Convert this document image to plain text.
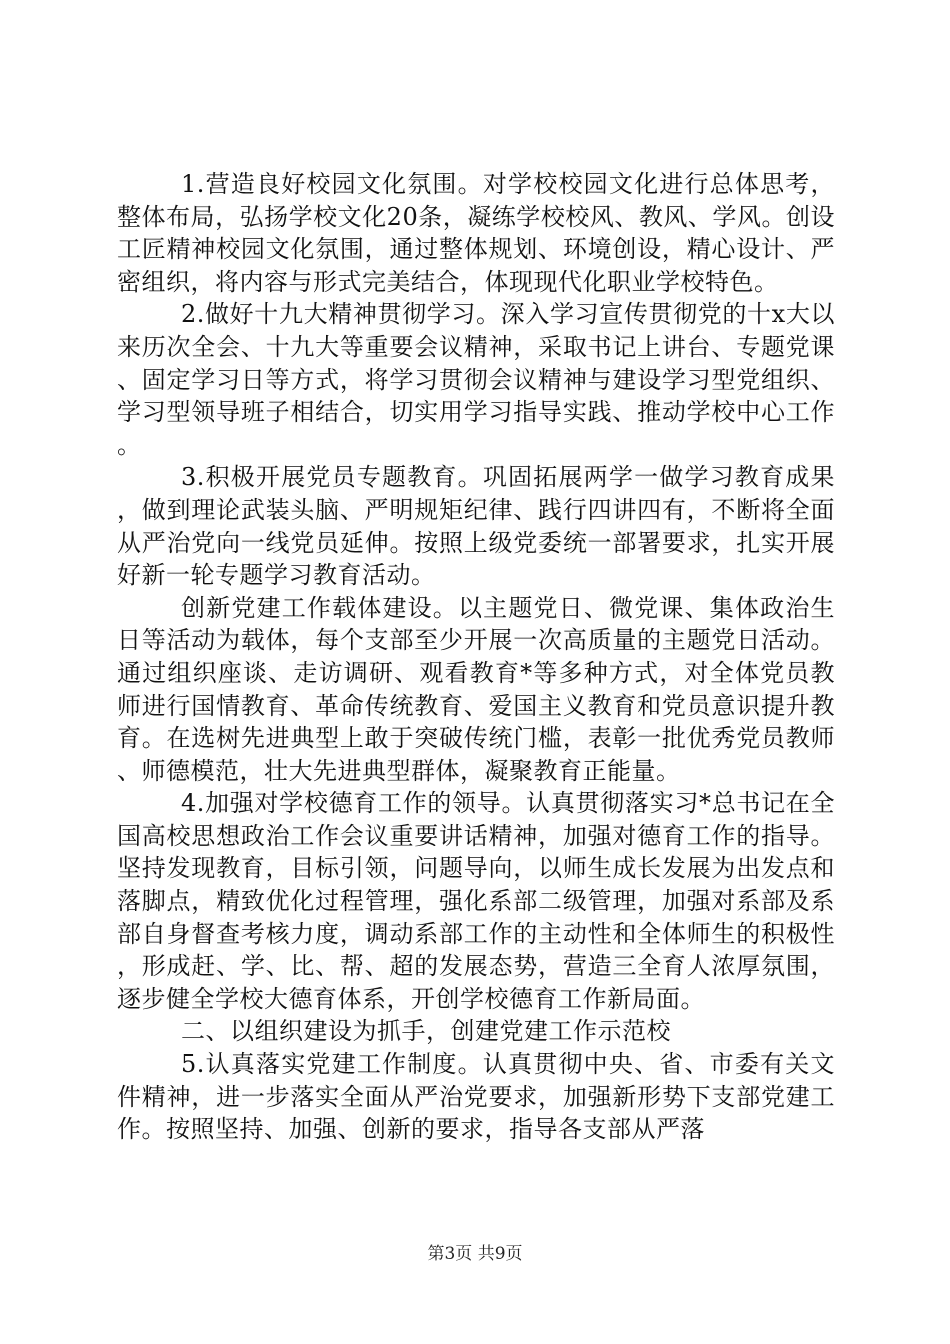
1.营造良好校园文化氛围。对学校校园文化进行总体思考，整体布局，弘扬学校文化20条，凝练学校校风、教风、学风。创设工匠精神校园文化氛围，通过整体规划、环境创设，精心设计、严密组织，将内容与形式完美结合，体现现代化职业学校特色。

2.做好十九大精神贯彻学习。深入学习宣传贯彻党的十x大以来历次全会、十九大等重要会议精神，采取书记上讲台、专题党课、固定学习日等方式，将学习贯彻会议精神与建设学习型党组织、学习型领导班子相结合，切实用学习指导实践、推动学校中心工作。

3.积极开展党员专题教育。巩固拓展两学一做学习教育成果，做到理论武装头脑、严明规矩纪律、践行四讲四有，不断将全面从严治党向一线党员延伸。按照上级党委统一部署要求，扎实开展好新一轮专题学习教育活动。

创新党建工作载体建设。以主题党日、微党课、集体政治生日等活动为载体，每个支部至少开展一次高质量的主题党日活动。通过组织座谈、走访调研、观看教育*等多种方式，对全体党员教师进行国情教育、革命传统教育、爱国主义教育和党员意识提升教育。在选树先进典型上敢于突破传统门槛，表彰一批优秀党员教师、师德模范，壮大先进典型群体，凝聚教育正能量。

4.加强对学校德育工作的领导。认真贯彻落实习*总书记在全国高校思想政治工作会议重要讲话精神，加强对德育工作的指导。坚持发现教育，目标引领，问题导向，以师生成长发展为出发点和落脚点，精致优化过程管理，强化系部二级管理，加强对系部及系部自身督查考核力度，调动系部工作的主动性和全体师生的积极性，形成赶、学、比、帮、超的发展态势，营造三全育人浓厚氛围，逐步健全学校大德育体系，开创学校德育工作新局面。

二、以组织建设为抓手，创建党建工作示范校

5.认真落实党建工作制度。认真贯彻中央、省、市委有关文件精神，进一步落实全面从严治党要求，加强新形势下支部党建工作。按照坚持、加强、创新的要求，指导各支部从严落

第3页 共9页
